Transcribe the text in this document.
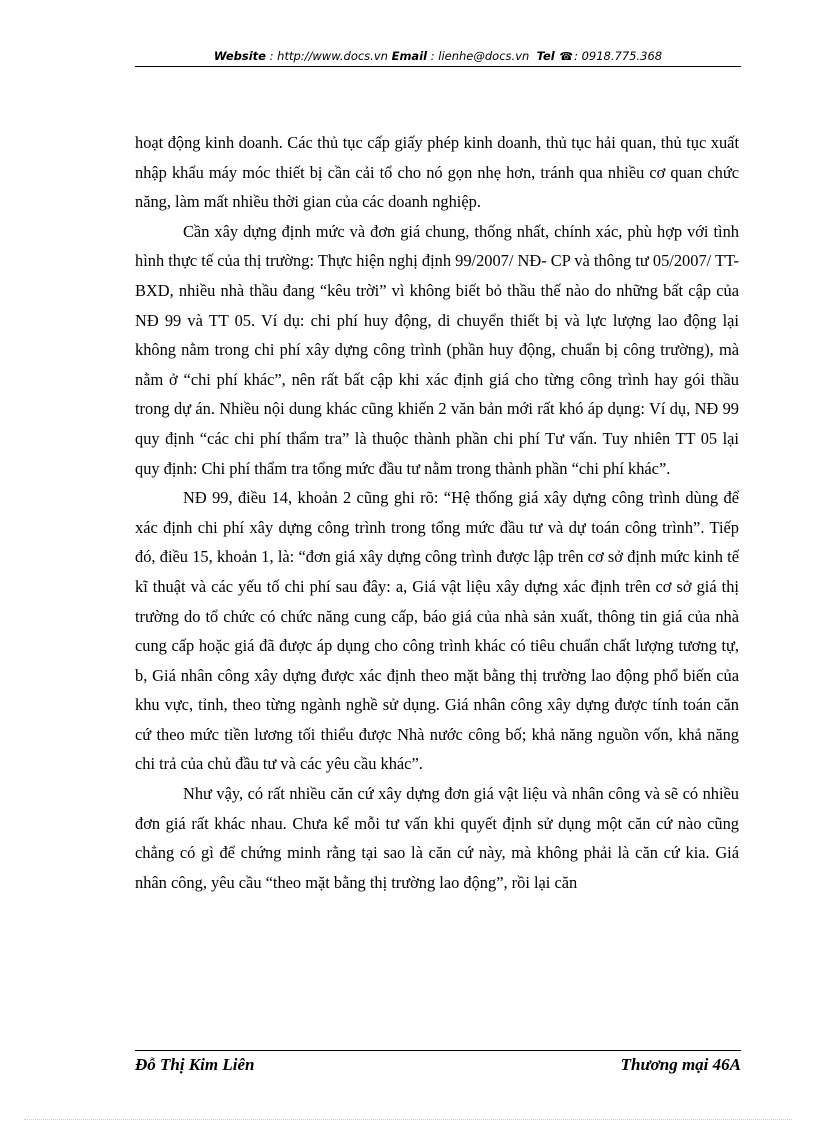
Website : http://www.docs.vn Email : lienhe@docs.vn Tel ☎: 0918.775.368

hoạt động kinh doanh. Các thủ tục cấp giấy phép kinh doanh, thủ tục hải quan, thủ tục xuất nhập khẩu máy móc thiết bị cần cải tổ cho nó gọn nhẹ hơn, tránh qua nhiều cơ quan chức năng, làm mất nhiều thời gian của các doanh nghiệp.

Cần xây dựng định mức và đơn giá chung, thống nhất, chính xác, phù hợp với tình hình thực tế của thị trường: Thực hiện nghị định 99/2007/ NĐ- CP và thông tư 05/2007/ TT-BXD, nhiều nhà thầu đang “kêu trời” vì không biết bỏ thầu thế nào do những bất cập của NĐ 99 và TT 05. Ví dụ: chi phí huy động, di chuyển thiết bị và lực lượng lao động lại không nằm trong chi phí xây dựng công trình (phần huy động, chuẩn bị công trường), mà nằm ở “chi phí khác”, nên rất bất cập khi xác định giá cho từng công trình hay gói thầu trong dự án. Nhiều nội dung khác cũng khiến 2 văn bản mới rất khó áp dụng: Ví dụ, NĐ 99 quy định “các chi phí thẩm tra” là thuộc thành phần chi phí Tư vấn. Tuy nhiên TT 05 lại quy định: Chi phí thẩm tra tổng mức đầu tư nằm trong thành phần “chi phí khác”.

NĐ 99, điều 14, khoản 2 cũng ghi rõ: “Hệ thống giá xây dựng công trình dùng để xác định chi phí xây dựng công trình trong tổng mức đầu tư và dự toán công trình”. Tiếp đó, điều 15, khoản 1, là: “đơn giá xây dựng công trình được lập trên cơ sở định mức kinh tế kĩ thuật và các yếu tố chi phí sau đây: a, Giá vật liệu xây dựng xác định trên cơ sở giá thị trường do tổ chức có chức năng cung cấp, báo giá của nhà sản xuất, thông tin giá của nhà cung cấp hoặc giá đã được áp dụng cho công trình khác có tiêu chuẩn chất lượng tương tự, b, Giá nhân công xây dựng được xác định theo mặt bằng thị trường lao động phổ biến của khu vực, tỉnh, theo từng ngành nghề sử dụng. Giá nhân công xây dựng được tính toán căn cứ theo mức tiền lương tối thiểu được Nhà nước công bố; khả năng nguồn vốn, khả năng chi trả của chủ đầu tư và các yêu cầu khác”.

Như vậy, có rất nhiều căn cứ xây dựng đơn giá vật liệu và nhân công và sẽ có nhiều đơn giá rất khác nhau. Chưa kể mỗi tư vấn khi quyết định sử dụng một căn cứ nào cũng chẳng có gì để chứng minh rằng tại sao là căn cứ này, mà không phải là căn cứ kia. Giá nhân công, yêu cầu “theo mặt bằng thị trường lao động”, rồi lại căn

Đỗ Thị Kim Liên	Thương mại 46A
